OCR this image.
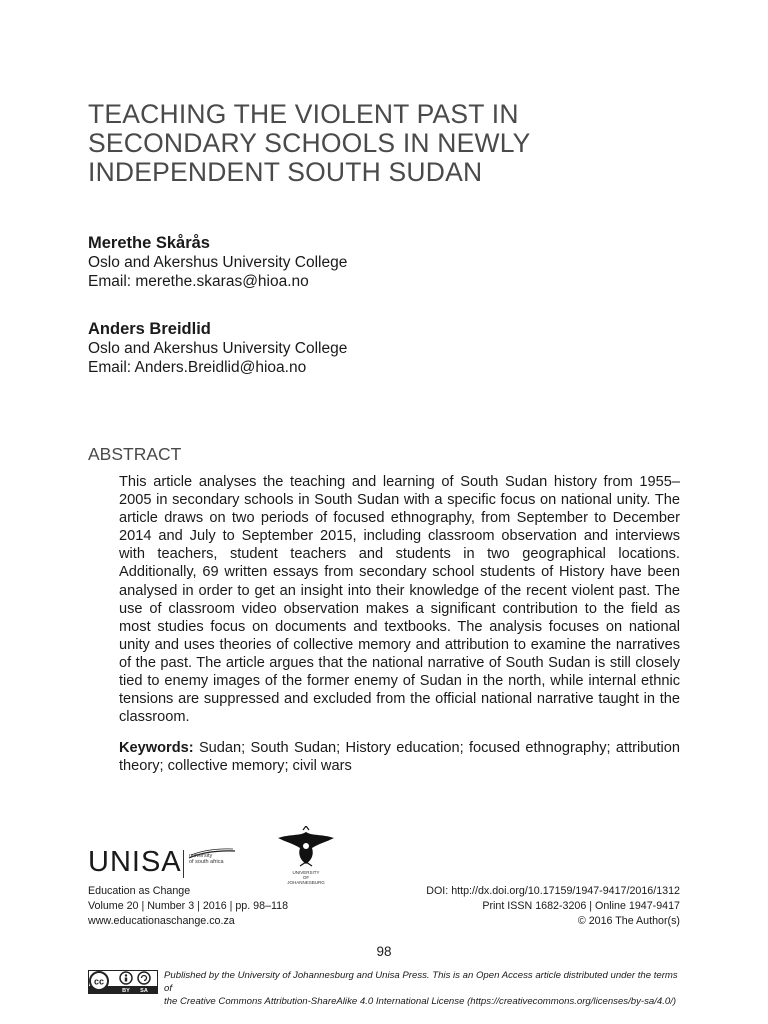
TEACHING THE VIOLENT PAST IN
SECONDARY SCHOOLS IN NEWLY
INDEPENDENT SOUTH SUDAN
Merethe Skårås
Oslo and Akershus University College
Email: merethe.skaras@hioa.no
Anders Breidlid
Oslo and Akershus University College
Email: Anders.Breidlid@hioa.no
ABSTRACT
This article analyses the teaching and learning of South Sudan history from 1955–2005 in secondary schools in South Sudan with a specific focus on national unity. The article draws on two periods of focused ethnography, from September to December 2014 and July to September 2015, including classroom observation and interviews with teachers, student teachers and students in two geographical locations. Additionally, 69 written essays from secondary school students of History have been analysed in order to get an insight into their knowledge of the recent violent past. The use of classroom video observation makes a significant contribution to the field as most studies focus on documents and textbooks. The analysis focuses on national unity and uses theories of collective memory and attribution to examine the narratives of the past. The article argues that the national narrative of South Sudan is still closely tied to enemy images of the former enemy of Sudan in the north, while internal ethnic tensions are suppressed and excluded from the official national narrative taught in the classroom.
Keywords: Sudan; South Sudan; History education; focused ethnography; attribution theory; collective memory; civil wars
UNISA university
of south africa
UNIVERSITY
OF
JOHANNESBURG
Education as Change
Volume 20 | Number 3 | 2016 | pp. 98–118
www.educationaschange.co.za
DOI: http://dx.doi.org/10.17159/1947-9417/2016/1312
Print ISSN 1682-3206 | Online 1947-9417
© 2016 The Author(s)
98
cc
BY SA
Published by the University of Johannesburg and Unisa Press. This is an Open Access article distributed under the terms of
the Creative Commons Attribution-ShareAlike 4.0 International License (https://creativecommons.org/licenses/by-sa/4.0/)
